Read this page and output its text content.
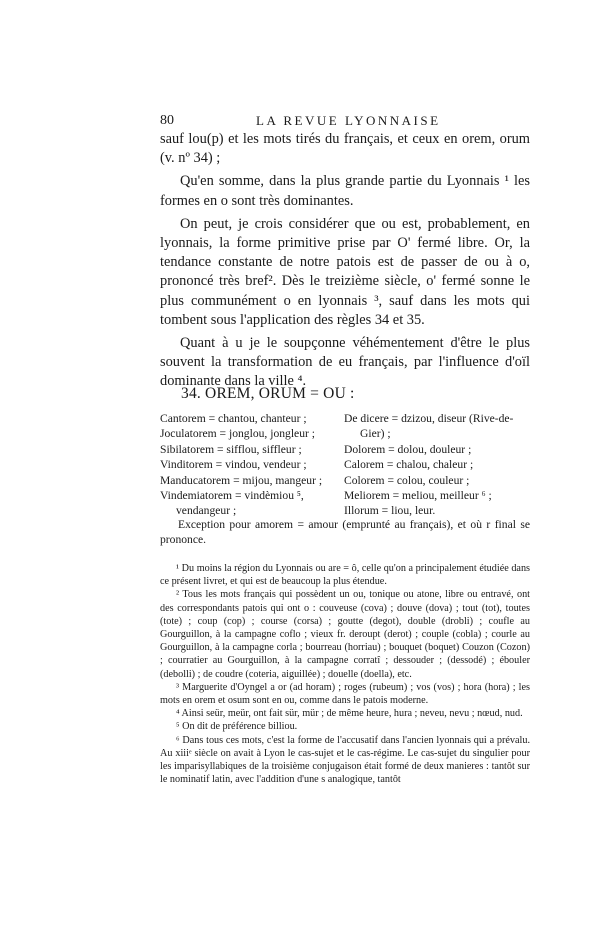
80	LA REVUE LYONNAISE

sauf lou(p) et les mots tirés du français, et ceux en orem, orum (v. nº 34) ;

Qu'en somme, dans la plus grande partie du Lyonnais ¹ les formes en o sont très dominantes.

On peut, je crois considérer que ou est, probablement, en lyonnais, la forme primitive prise par O' fermé libre. Or, la tendance constante de notre patois est de passer de ou à o, prononcé très bref². Dès le treizième siècle, o' fermé sonne le plus communément o en lyonnais ³, sauf dans les mots qui tombent sous l'application des règles 34 et 35.

Quant à u je le soupçonne véhémentement d'être le plus souvent la transformation de eu français, par l'influence d'oïl dominante dans la ville ⁴.

34. OREM, ORUM = OU :
Cantorem = chantou, chanteur ;
Joculatorem = jonglou, jongleur ;
Sibilatorem = sifflou, siffleur ;
Vinditorem = vindou, vendeur ;
Manducatorem = mijou, mangeur ;
Vindemiatorem = vindèmiou ⁵, vendangeur ;
De dicere = dzizou, diseur (Rive-de-Gier) ;
Dolorem = dolou, douleur ;
Calorem = chalou, chaleur ;
Colorem = colou, couleur ;
Meliorem = meliou, meilleur ⁶ ;
Illorum = liou, leur.
Exception pour amorem = amour (emprunté au français), et où r final se prononce.

¹ Du moins la région du Lyonnais ou are = ô, celle qu'on a principalement étudiée dans ce présent livret, et qui est de beaucoup la plus étendue.

² Tous les mots français qui possèdent un ou, tonique ou atone, libre ou entravé, ont des correspondants patois qui ont o : couveuse (cova) ; douve (dova) ; tout (tot), toutes (tote) ; coup (cop) ; course (corsa) ; goutte (degot), double (drobli) ; coufle au Gourguillon, à la campagne coflo ; vieux fr. deroupt (derot) ; couple (cobla) ; courle au Gourguillon, à la campagne corla ; bourreau (horriau) ; bouquet (boquet) Couzon (Cozon) ; courratier au Gourguillon, à la campagne corratî ; dessouder ; (dessodé) ; ébouler (debolli) ; de coudre (coteria, aiguillée) ; douelle (doella), etc.

³ Marguerite d'Oyngel a or (ad horam) ; roges (rubeum) ; vos (vos) ; hora (hora) ; les mots en orem et osum sont en ou, comme dans le patois moderne.

⁴ Ainsi seür, meür, ont fait sür, mür ; de même heure, hura ; neveu, nevu ; nœud, nud.

⁵ On dit de préférence billiou.

⁶ Dans tous ces mots, c'est la forme de l'accusatif dans l'ancien lyonnais qui a prévalu. Au xiiiᵉ siècle on avait à Lyon le cas-sujet et le cas-régime. Le cas-sujet du singulier pour les imparisyllabiques de la troisième conjugaison était formé de deux manieres : tantôt sur le nominatif latin, avec l'addition d'une s analogique, tantôt
